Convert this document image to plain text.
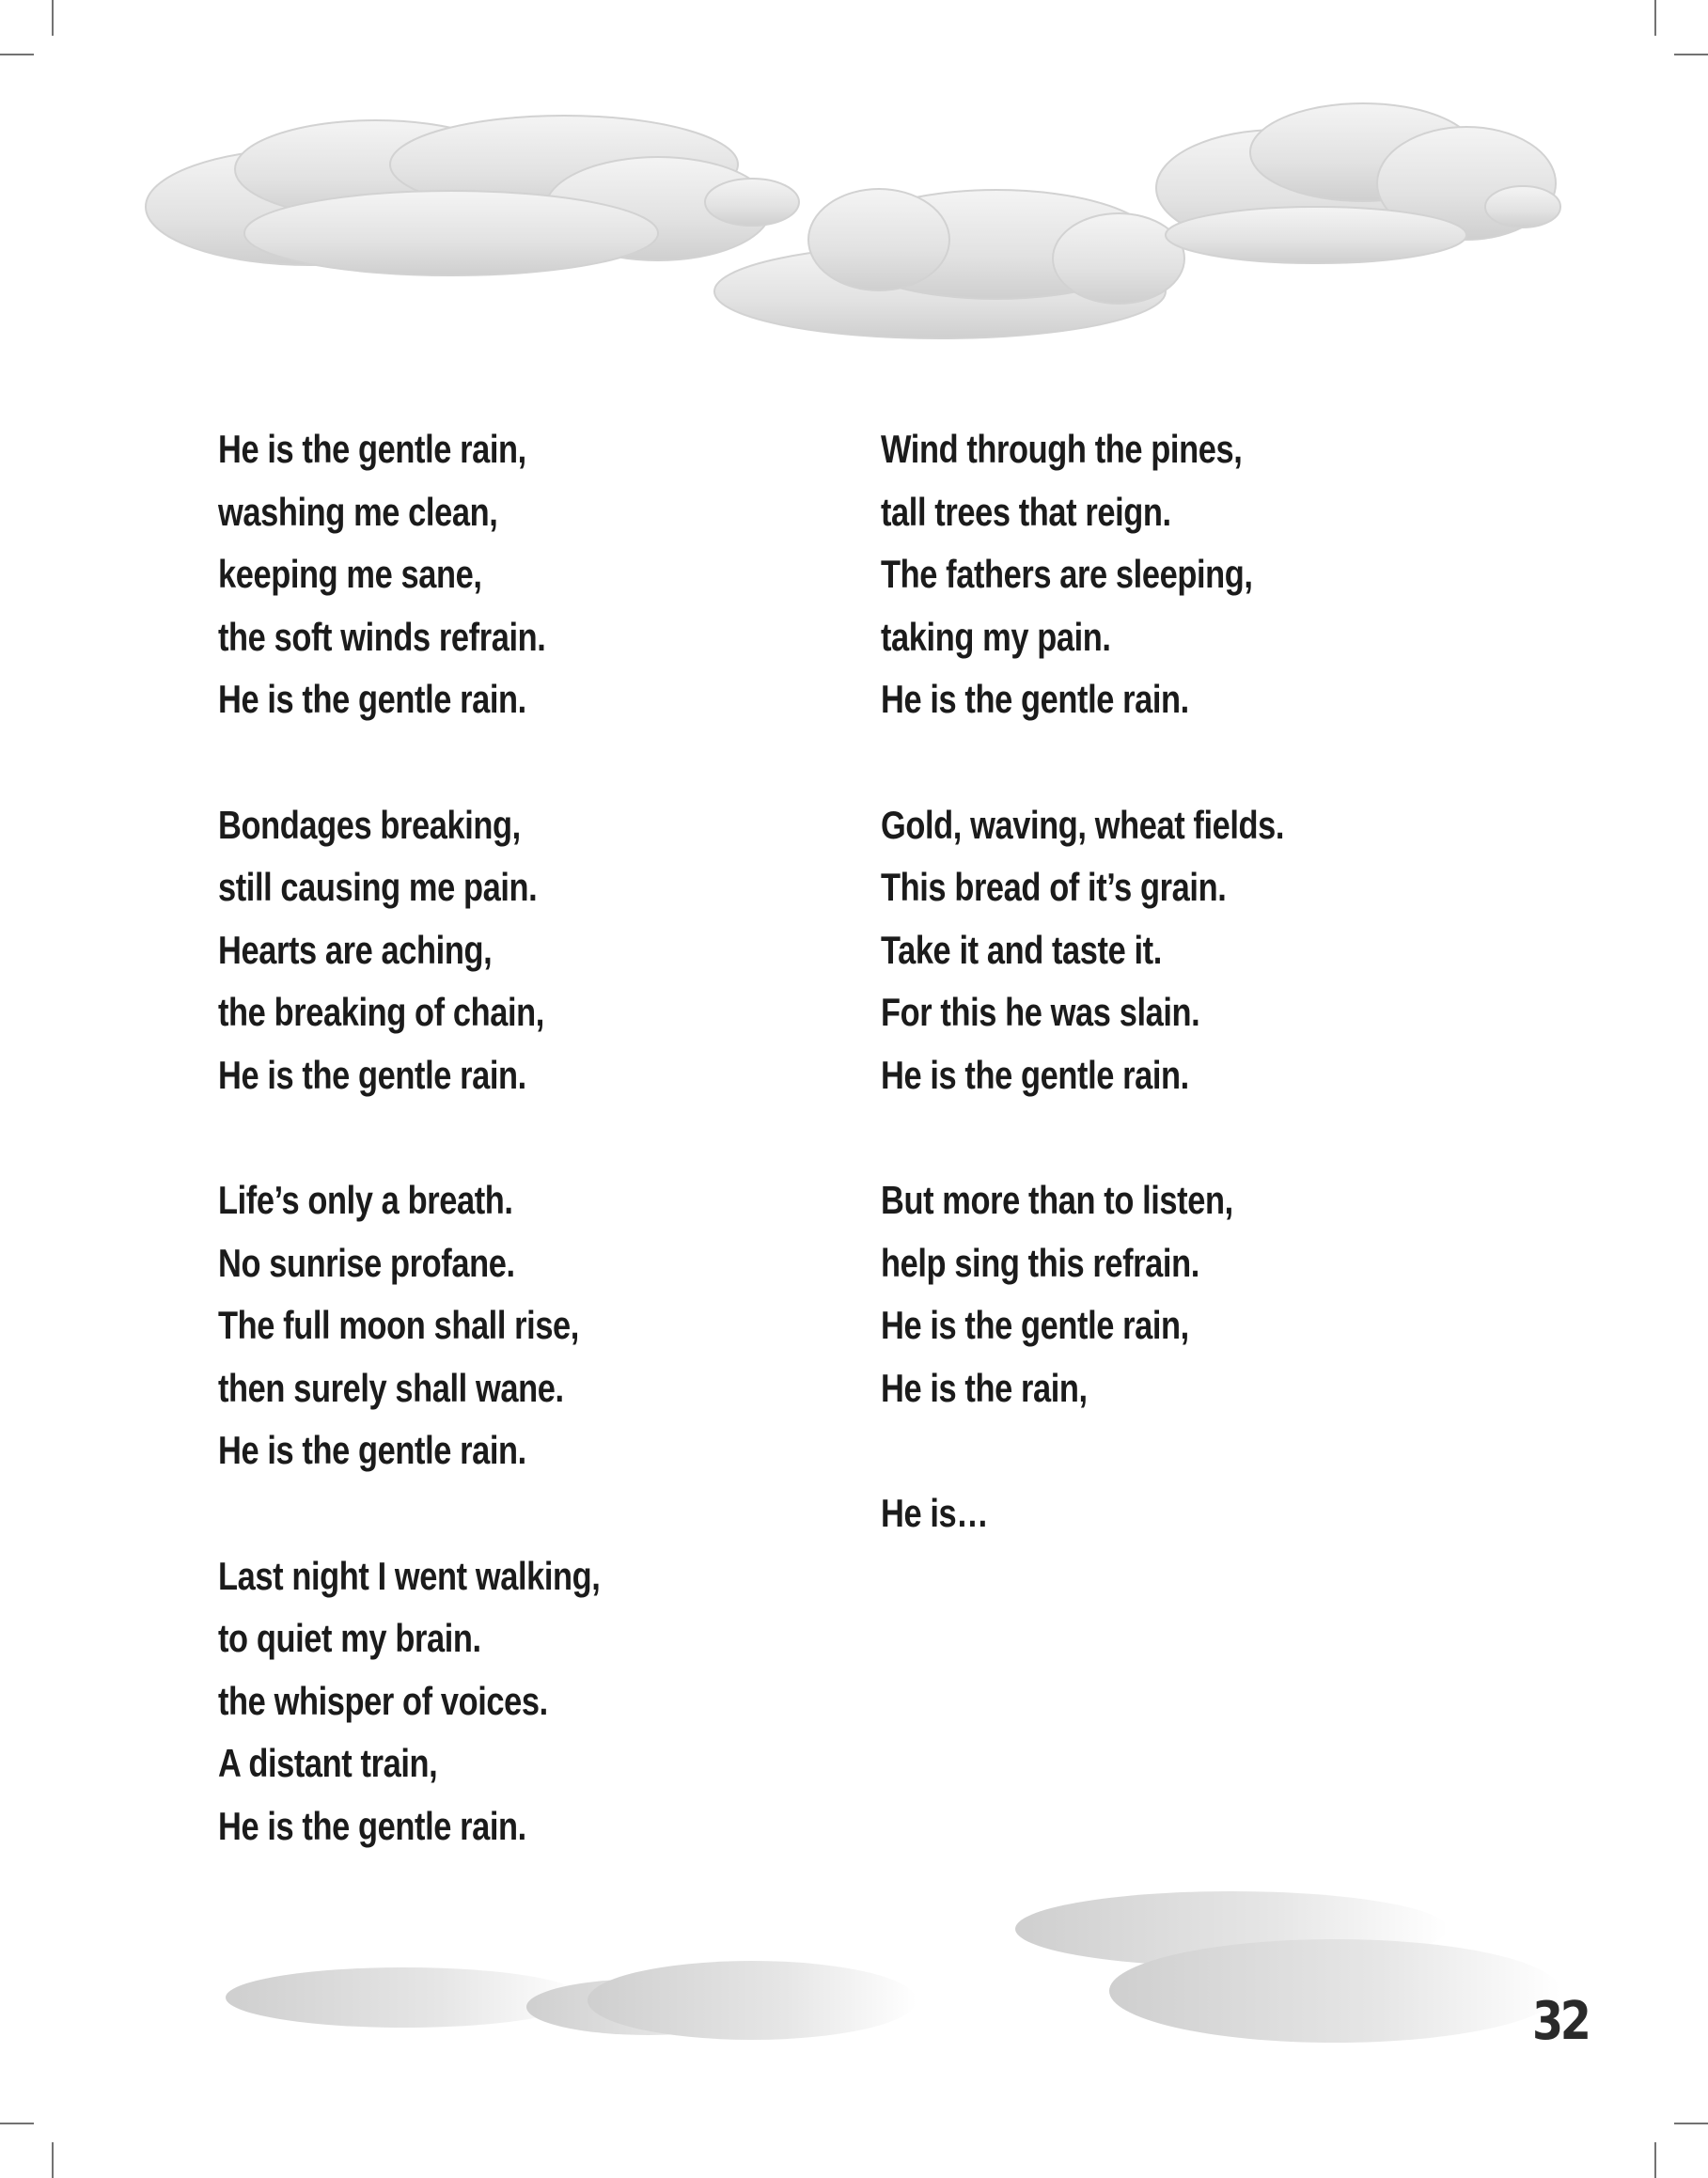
He is the gentle rain,
washing me clean,
keeping me sane,
the soft winds refrain.
He is the gentle rain.
Bondages breaking,
still causing me pain.
Hearts are aching,
the breaking of chain,
He is the gentle rain.
Life’s only a breath.
No sunrise profane.
The full moon shall rise,
then surely shall wane.
He is the gentle rain.
Last night I went walking,
to quiet my brain.
the whisper of voices.
A distant train,
He is the gentle rain.
Wind through the pines,
tall trees that reign.
The fathers are sleeping,
taking my pain.
He is the gentle rain.
Gold, waving, wheat fields.
This bread of it’s grain.
Take it and taste it.
For this he was slain.
He is the gentle rain.
But more than to listen,
help sing this refrain.
He is the gentle rain,
He is the rain,
He is…
32
